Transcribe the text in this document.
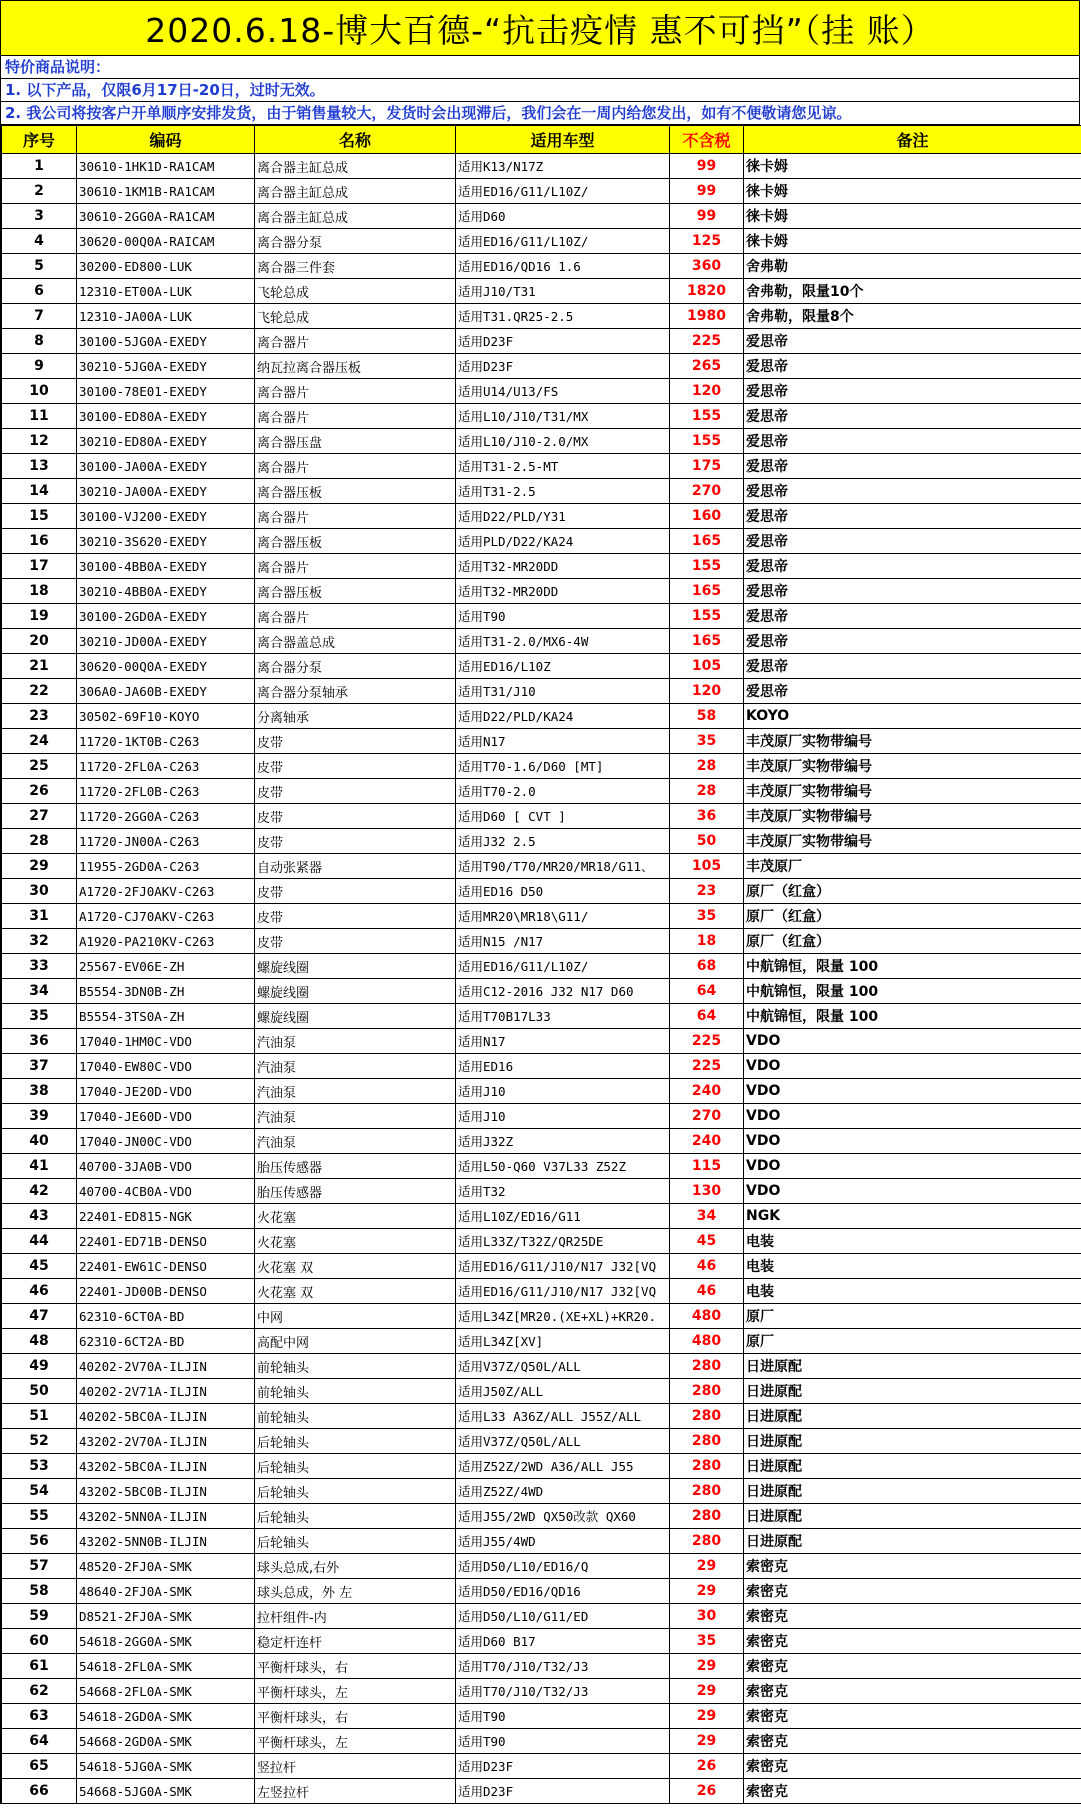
2020.6.18-博大百德-“抗击疫情 惠不可挡”（挂 账）
特价商品说明：
1. 以下产品，仅限6月17日-20日，过时无效。
2. 我公司将按客户开单顺序安排发货，由于销售量较大，发货时会出现滞后，我们会在一周内给您发出，如有不便敬请您见谅。
序号	编码	名称	适用车型	不含税	备注
1	30610-1HK1D-RA1CAM	离合器主缸总成	适用K13/N17Z	99	徕卡姆
2	30610-1KM1B-RA1CAM	离合器主缸总成	适用ED16/G11/L10Z/	99	徕卡姆
3	30610-2GG0A-RA1CAM	离合器主缸总成	适用D60	99	徕卡姆
4	30620-00Q0A-RAICAM	离合器分泵	适用ED16/G11/L10Z/	125	徕卡姆
5	30200-ED800-LUK	离合器三件套	适用ED16/QD16 1.6	360	舍弗勒
6	12310-ET00A-LUK	飞轮总成	适用J10/T31	1820	舍弗勒，限量10个
7	12310-JA00A-LUK	飞轮总成	适用T31.QR25-2.5	1980	舍弗勒，限量8个
8	30100-5JG0A-EXEDY	离合器片	适用D23F	225	爱思帝
9	30210-5JG0A-EXEDY	纳瓦拉离合器压板	适用D23F	265	爱思帝
10	30100-78E01-EXEDY	离合器片	适用U14/U13/FS	120	爱思帝
11	30100-ED80A-EXEDY	离合器片	适用L10/J10/T31/MX	155	爱思帝
12	30210-ED80A-EXEDY	离合器压盘	适用L10/J10-2.0/MX	155	爱思帝
13	30100-JA00A-EXEDY	离合器片	适用T31-2.5-MT	175	爱思帝
14	30210-JA00A-EXEDY	离合器压板	适用T31-2.5	270	爱思帝
15	30100-VJ200-EXEDY	离合器片	适用D22/PLD/Y31	160	爱思帝
16	30210-3S620-EXEDY	离合器压板	适用PLD/D22/KA24	165	爱思帝
17	30100-4BB0A-EXEDY	离合器片	适用T32-MR20DD	155	爱思帝
18	30210-4BB0A-EXEDY	离合器压板	适用T32-MR20DD	165	爱思帝
19	30100-2GD0A-EXEDY	离合器片	适用T90	155	爱思帝
20	30210-JD00A-EXEDY	离合器盖总成	适用T31-2.0/MX6-4W	165	爱思帝
21	30620-00Q0A-EXEDY	离合器分泵	适用ED16/L10Z	105	爱思帝
22	306A0-JA60B-EXEDY	离合器分泵轴承	适用T31/J10	120	爱思帝
23	30502-69F10-KOYO	分离轴承	适用D22/PLD/KA24	58	KOYO
24	11720-1KT0B-C263	皮带	适用N17	35	丰茂原厂实物带编号
25	11720-2FL0A-C263	皮带	适用T70-1.6/D60 [MT]	28	丰茂原厂实物带编号
26	11720-2FL0B-C263	皮带	适用T70-2.0	28	丰茂原厂实物带编号
27	11720-2GG0A-C263	皮带	适用D60 [ CVT ]	36	丰茂原厂实物带编号
28	11720-JN00A-C263	皮带	适用J32 2.5	50	丰茂原厂实物带编号
29	11955-2GD0A-C263	自动张紧器	适用T90/T70/MR20/MR18/G11、	105	丰茂原厂
30	A1720-2FJ0AKV-C263	皮带	适用ED16 D50	23	原厂（红盒）
31	A1720-CJ70AKV-C263	皮带	适用MR20\MR18\G11/	35	原厂（红盒）
32	A1920-PA210KV-C263	皮带	适用N15 /N17	18	原厂（红盒）
33	25567-EV06E-ZH	螺旋线圈	适用ED16/G11/L10Z/	68	中航锦恒，限量 100
34	B5554-3DN0B-ZH	螺旋线圈	适用C12-2016 J32 N17 D60	64	中航锦恒，限量 100
35	B5554-3TS0A-ZH	螺旋线圈	适用T70B17L33	64	中航锦恒，限量 100
36	17040-1HM0C-VDO	汽油泵	适用N17	225	VDO
37	17040-EW80C-VDO	汽油泵	适用ED16	225	VDO
38	17040-JE20D-VDO	汽油泵	适用J10	240	VDO
39	17040-JE60D-VDO	汽油泵	适用J10	270	VDO
40	17040-JN00C-VDO	汽油泵	适用J32Z	240	VDO
41	40700-3JA0B-VDO	胎压传感器	适用L50-Q60 V37L33 Z52Z	115	VDO
42	40700-4CB0A-VDO	胎压传感器	适用T32	130	VDO
43	22401-ED815-NGK	火花塞	适用L10Z/ED16/G11	34	NGK
44	22401-ED71B-DENSO	火花塞	适用L33Z/T32Z/QR25DE	45	电装
45	22401-EW61C-DENSO	火花塞 双	适用ED16/G11/J10/N17 J32[VQ	46	电装
46	22401-JD00B-DENSO	火花塞 双	适用ED16/G11/J10/N17 J32[VQ	46	电装
47	62310-6CT0A-BD	中网	适用L34Z[MR20.(XE+XL)+KR20.	480	原厂
48	62310-6CT2A-BD	高配中网	适用L34Z[XV]	480	原厂
49	40202-2V70A-ILJIN	前轮轴头	适用V37Z/Q50L/ALL	280	日进原配
50	40202-2V71A-ILJIN	前轮轴头	适用J50Z/ALL	280	日进原配
51	40202-5BC0A-ILJIN	前轮轴头	适用L33 A36Z/ALL J55Z/ALL	280	日进原配
52	43202-2V70A-ILJIN	后轮轴头	适用V37Z/Q50L/ALL	280	日进原配
53	43202-5BC0A-ILJIN	后轮轴头	适用Z52Z/2WD A36/ALL J55	280	日进原配
54	43202-5BC0B-ILJIN	后轮轴头	适用Z52Z/4WD	280	日进原配
55	43202-5NN0A-ILJIN	后轮轴头	适用J55/2WD QX50改款 QX60	280	日进原配
56	43202-5NN0B-ILJIN	后轮轴头	适用J55/4WD	280	日进原配
57	48520-2FJ0A-SMK	球头总成,右外	适用D50/L10/ED16/Q	29	索密克
58	48640-2FJ0A-SMK	球头总成，外 左	适用D50/ED16/QD16	29	索密克
59	D8521-2FJ0A-SMK	拉杆组件-内	适用D50/L10/G11/ED	30	索密克
60	54618-2GG0A-SMK	稳定杆连杆	适用D60 B17	35	索密克
61	54618-2FL0A-SMK	平衡杆球头，右	适用T70/J10/T32/J3	29	索密克
62	54668-2FL0A-SMK	平衡杆球头，左	适用T70/J10/T32/J3	29	索密克
63	54618-2GD0A-SMK	平衡杆球头，右	适用T90	29	索密克
64	54668-2GD0A-SMK	平衡杆球头，左	适用T90	29	索密克
65	54618-5JG0A-SMK	竖拉杆	适用D23F	26	索密克
66	54668-5JG0A-SMK	左竖拉杆	适用D23F	26	索密克
